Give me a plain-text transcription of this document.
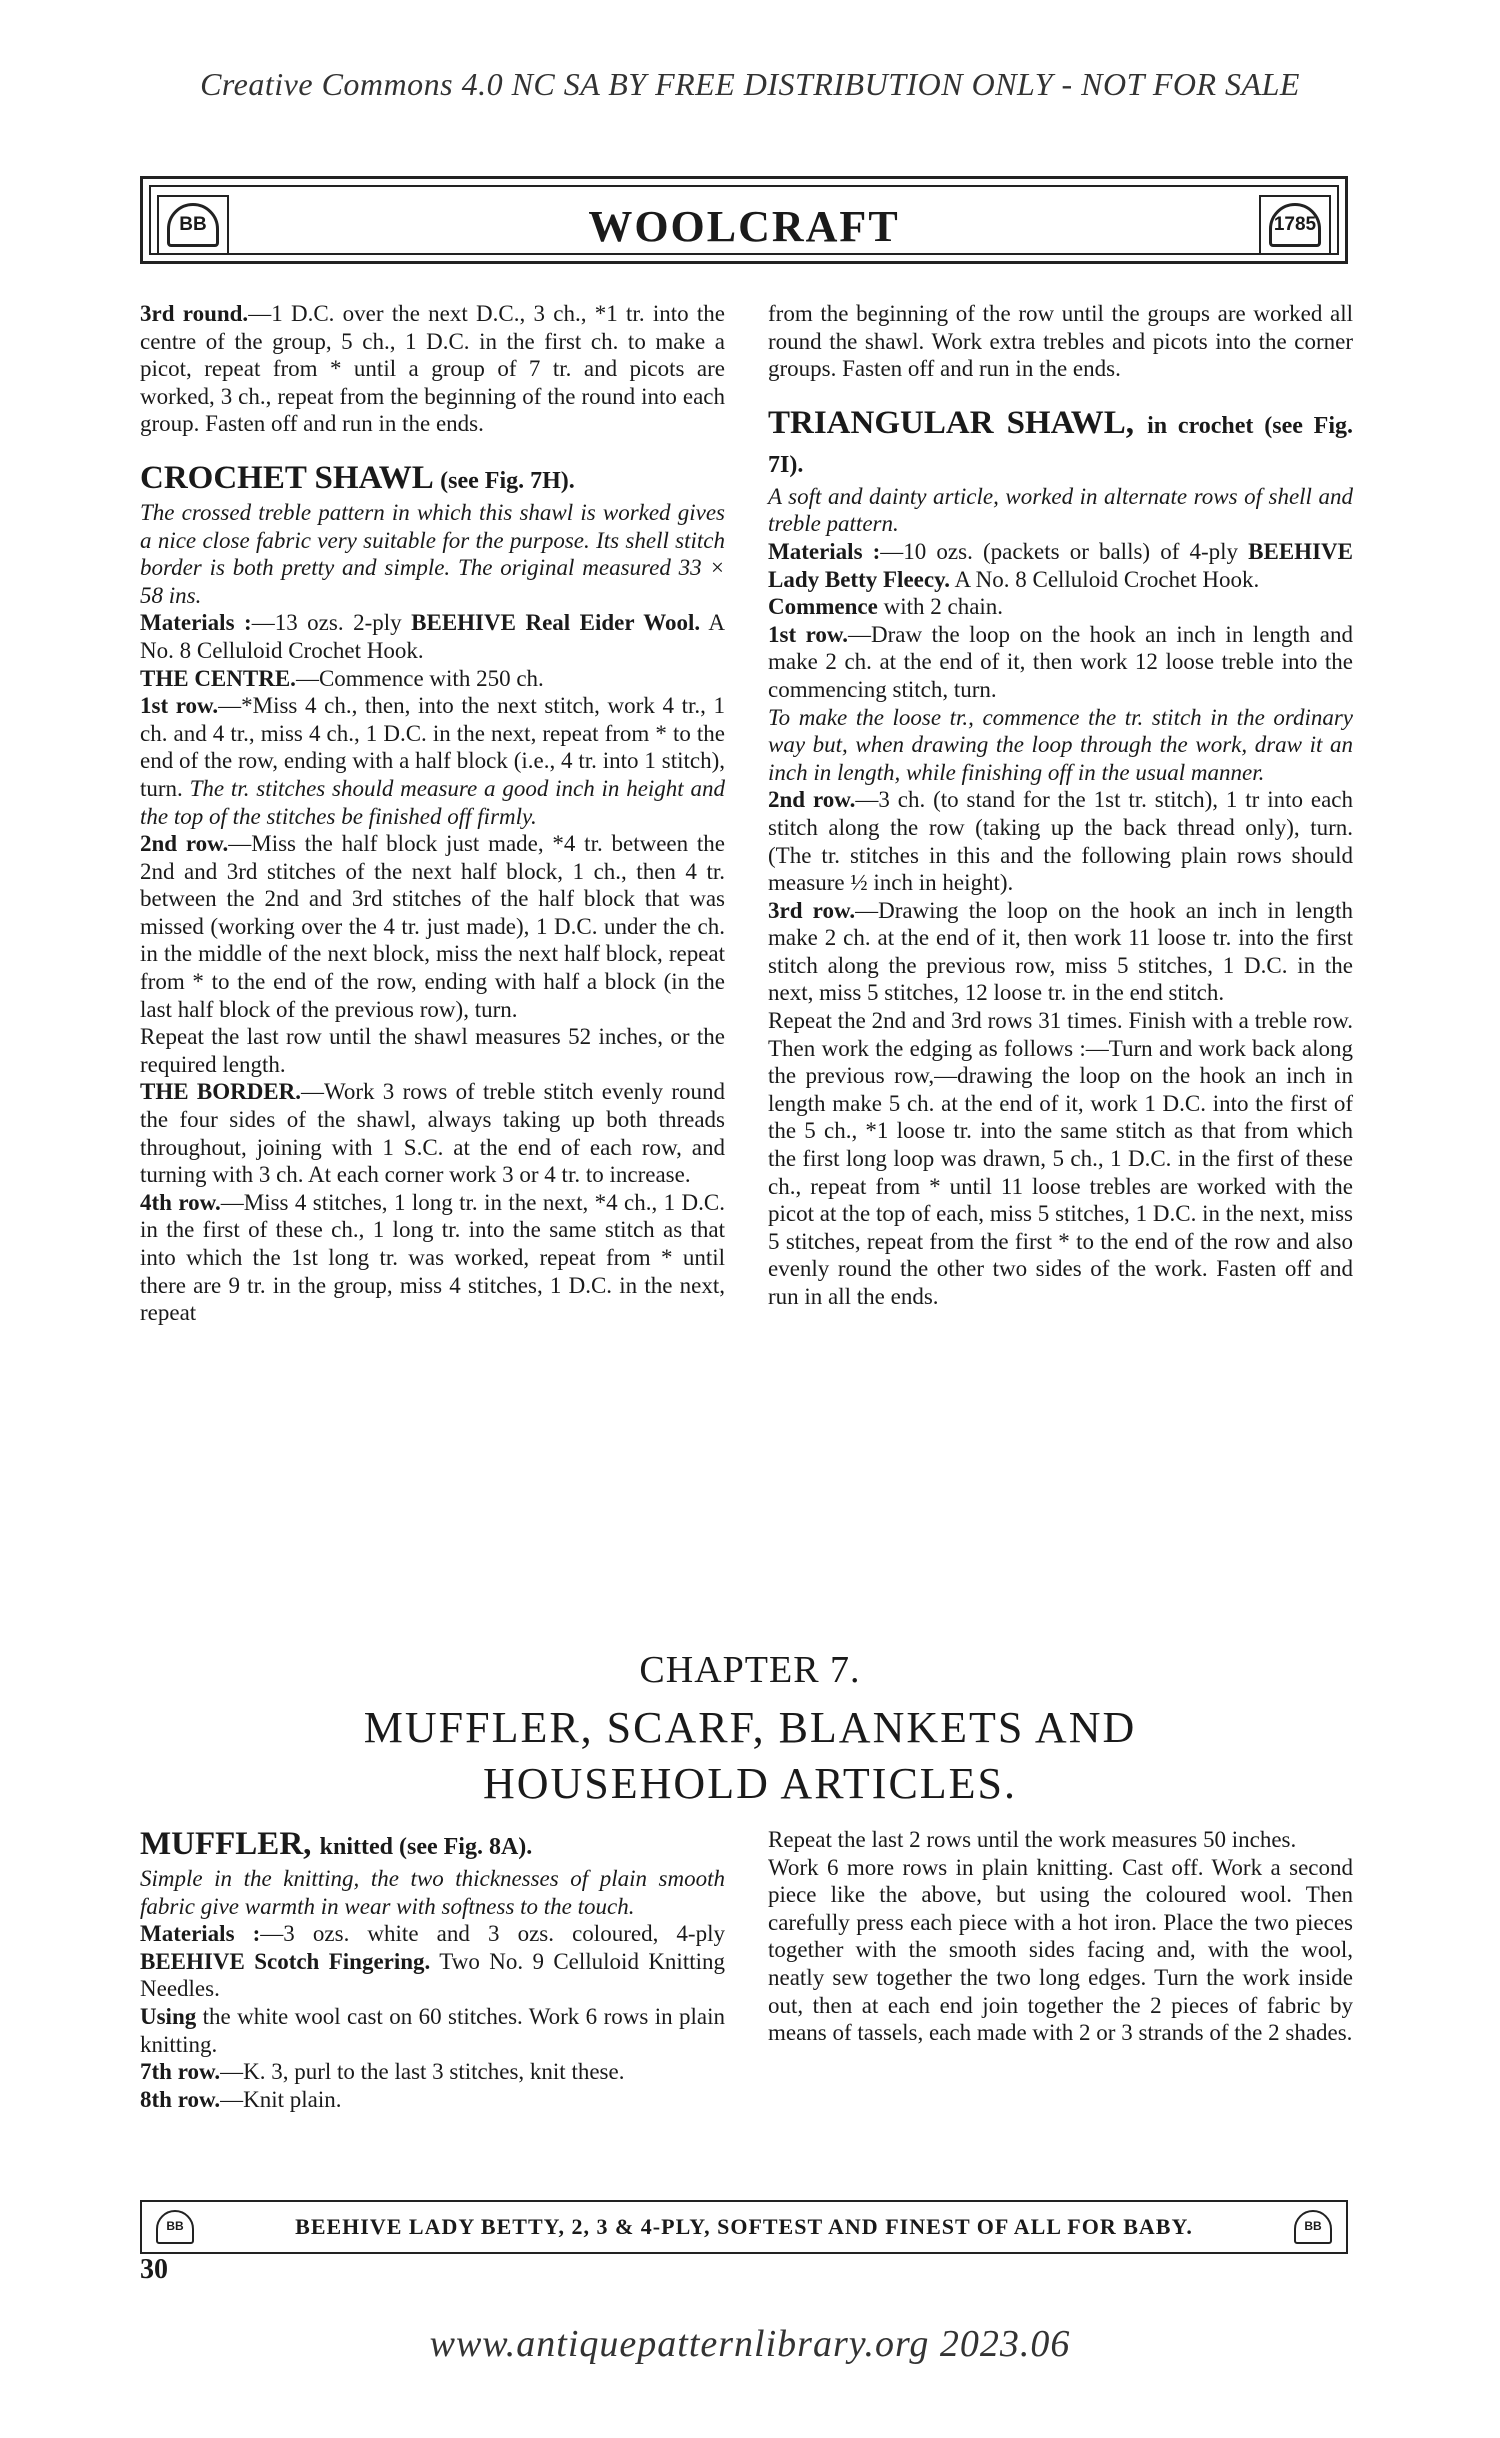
Creative Commons 4.0 NC SA BY FREE DISTRIBUTION ONLY - NOT FOR SALE
BB	WOOLCRAFT	1785

3rd round.—1 D.C. over the next D.C., 3 ch., *1 tr. into the centre of the group, 5 ch., 1 D.C. in the first ch. to make a picot, repeat from * until a group of 7 tr. and picots are worked, 3 ch., repeat from the beginning of the round into each group. Fasten off and run in the ends.

CROCHET SHAWL (see Fig. 7H).

The crossed treble pattern in which this shawl is worked gives a nice close fabric very suitable for the purpose. Its shell stitch border is both pretty and simple. The original measured 33 × 58 ins.

Materials :—13 ozs. 2-ply BEEHIVE Real Eider Wool. A No. 8 Celluloid Crochet Hook.

THE CENTRE.—Commence with 250 ch.

1st row.—*Miss 4 ch., then, into the next stitch, work 4 tr., 1 ch. and 4 tr., miss 4 ch., 1 D.C. in the next, repeat from * to the end of the row, ending with a half block (i.e., 4 tr. into 1 stitch), turn. The tr. stitches should measure a good inch in height and the top of the stitches be finished off firmly.

2nd row.—Miss the half block just made, *4 tr. between the 2nd and 3rd stitches of the next half block, 1 ch., then 4 tr. between the 2nd and 3rd stitches of the half block that was missed (working over the 4 tr. just made), 1 D.C. under the ch. in the middle of the next block, miss the next half block, repeat from * to the end of the row, ending with half a block (in the last half block of the previous row), turn.

Repeat the last row until the shawl measures 52 inches, or the required length.

THE BORDER.—Work 3 rows of treble stitch evenly round the four sides of the shawl, always taking up both threads throughout, joining with 1 S.C. at the end of each row, and turning with 3 ch. At each corner work 3 or 4 tr. to increase.

4th row.—Miss 4 stitches, 1 long tr. in the next, *4 ch., 1 D.C. in the first of these ch., 1 long tr. into the same stitch as that into which the 1st long tr. was worked, repeat from * until there are 9 tr. in the group, miss 4 stitches, 1 D.C. in the next, repeat

from the beginning of the row until the groups are worked all round the shawl. Work extra trebles and picots into the corner groups. Fasten off and run in the ends.

TRIANGULAR SHAWL, in crochet (see Fig. 7I).

A soft and dainty article, worked in alternate rows of shell and treble pattern.

Materials :—10 ozs. (packets or balls) of 4-ply BEEHIVE Lady Betty Fleecy. A No. 8 Celluloid Crochet Hook.

Commence with 2 chain.

1st row.—Draw the loop on the hook an inch in length and make 2 ch. at the end of it, then work 12 loose treble into the commencing stitch, turn.

To make the loose tr., commence the tr. stitch in the ordinary way but, when drawing the loop through the work, draw it an inch in length, while finishing off in the usual manner.

2nd row.—3 ch. (to stand for the 1st tr. stitch), 1 tr into each stitch along the row (taking up the back thread only), turn. (The tr. stitches in this and the following plain rows should measure ½ inch in height).

3rd row.—Drawing the loop on the hook an inch in length make 2 ch. at the end of it, then work 11 loose tr. into the first stitch along the previous row, miss 5 stitches, 1 D.C. in the next, miss 5 stitches, 12 loose tr. in the end stitch.

Repeat the 2nd and 3rd rows 31 times. Finish with a treble row. Then work the edging as follows :—Turn and work back along the previous row,—drawing the loop on the hook an inch in length make 5 ch. at the end of it, work 1 D.C. into the first of the 5 ch., *1 loose tr. into the same stitch as that from which the first long loop was drawn, 5 ch., 1 D.C. in the first of these ch., repeat from * until 11 loose trebles are worked with the picot at the top of each, miss 5 stitches, 1 D.C. in the next, miss 5 stitches, repeat from the first * to the end of the row and also evenly round the other two sides of the work. Fasten off and run in all the ends.

CHAPTER 7.
MUFFLER, SCARF, BLANKETS AND
HOUSEHOLD ARTICLES.

MUFFLER, knitted (see Fig. 8A).

Simple in the knitting, the two thicknesses of plain smooth fabric give warmth in wear with softness to the touch.

Materials :—3 ozs. white and 3 ozs. coloured, 4-ply BEEHIVE Scotch Fingering. Two No. 9 Celluloid Knitting Needles.

Using the white wool cast on 60 stitches. Work 6 rows in plain knitting.

7th row.—K. 3, purl to the last 3 stitches, knit these.

8th row.—Knit plain.

Repeat the last 2 rows until the work measures 50 inches.

Work 6 more rows in plain knitting. Cast off. Work a second piece like the above, but using the coloured wool. Then carefully press each piece with a hot iron. Place the two pieces together with the smooth sides facing and, with the wool, neatly sew together the two long edges. Turn the work inside out, then at each end join together the 2 pieces of fabric by means of tassels, each made with 2 or 3 strands of the 2 shades.

BB	BEEHIVE LADY BETTY, 2, 3 & 4-PLY, SOFTEST AND FINEST OF ALL FOR BABY.	BB
30
www.antiquepatternlibrary.org 2023.06
